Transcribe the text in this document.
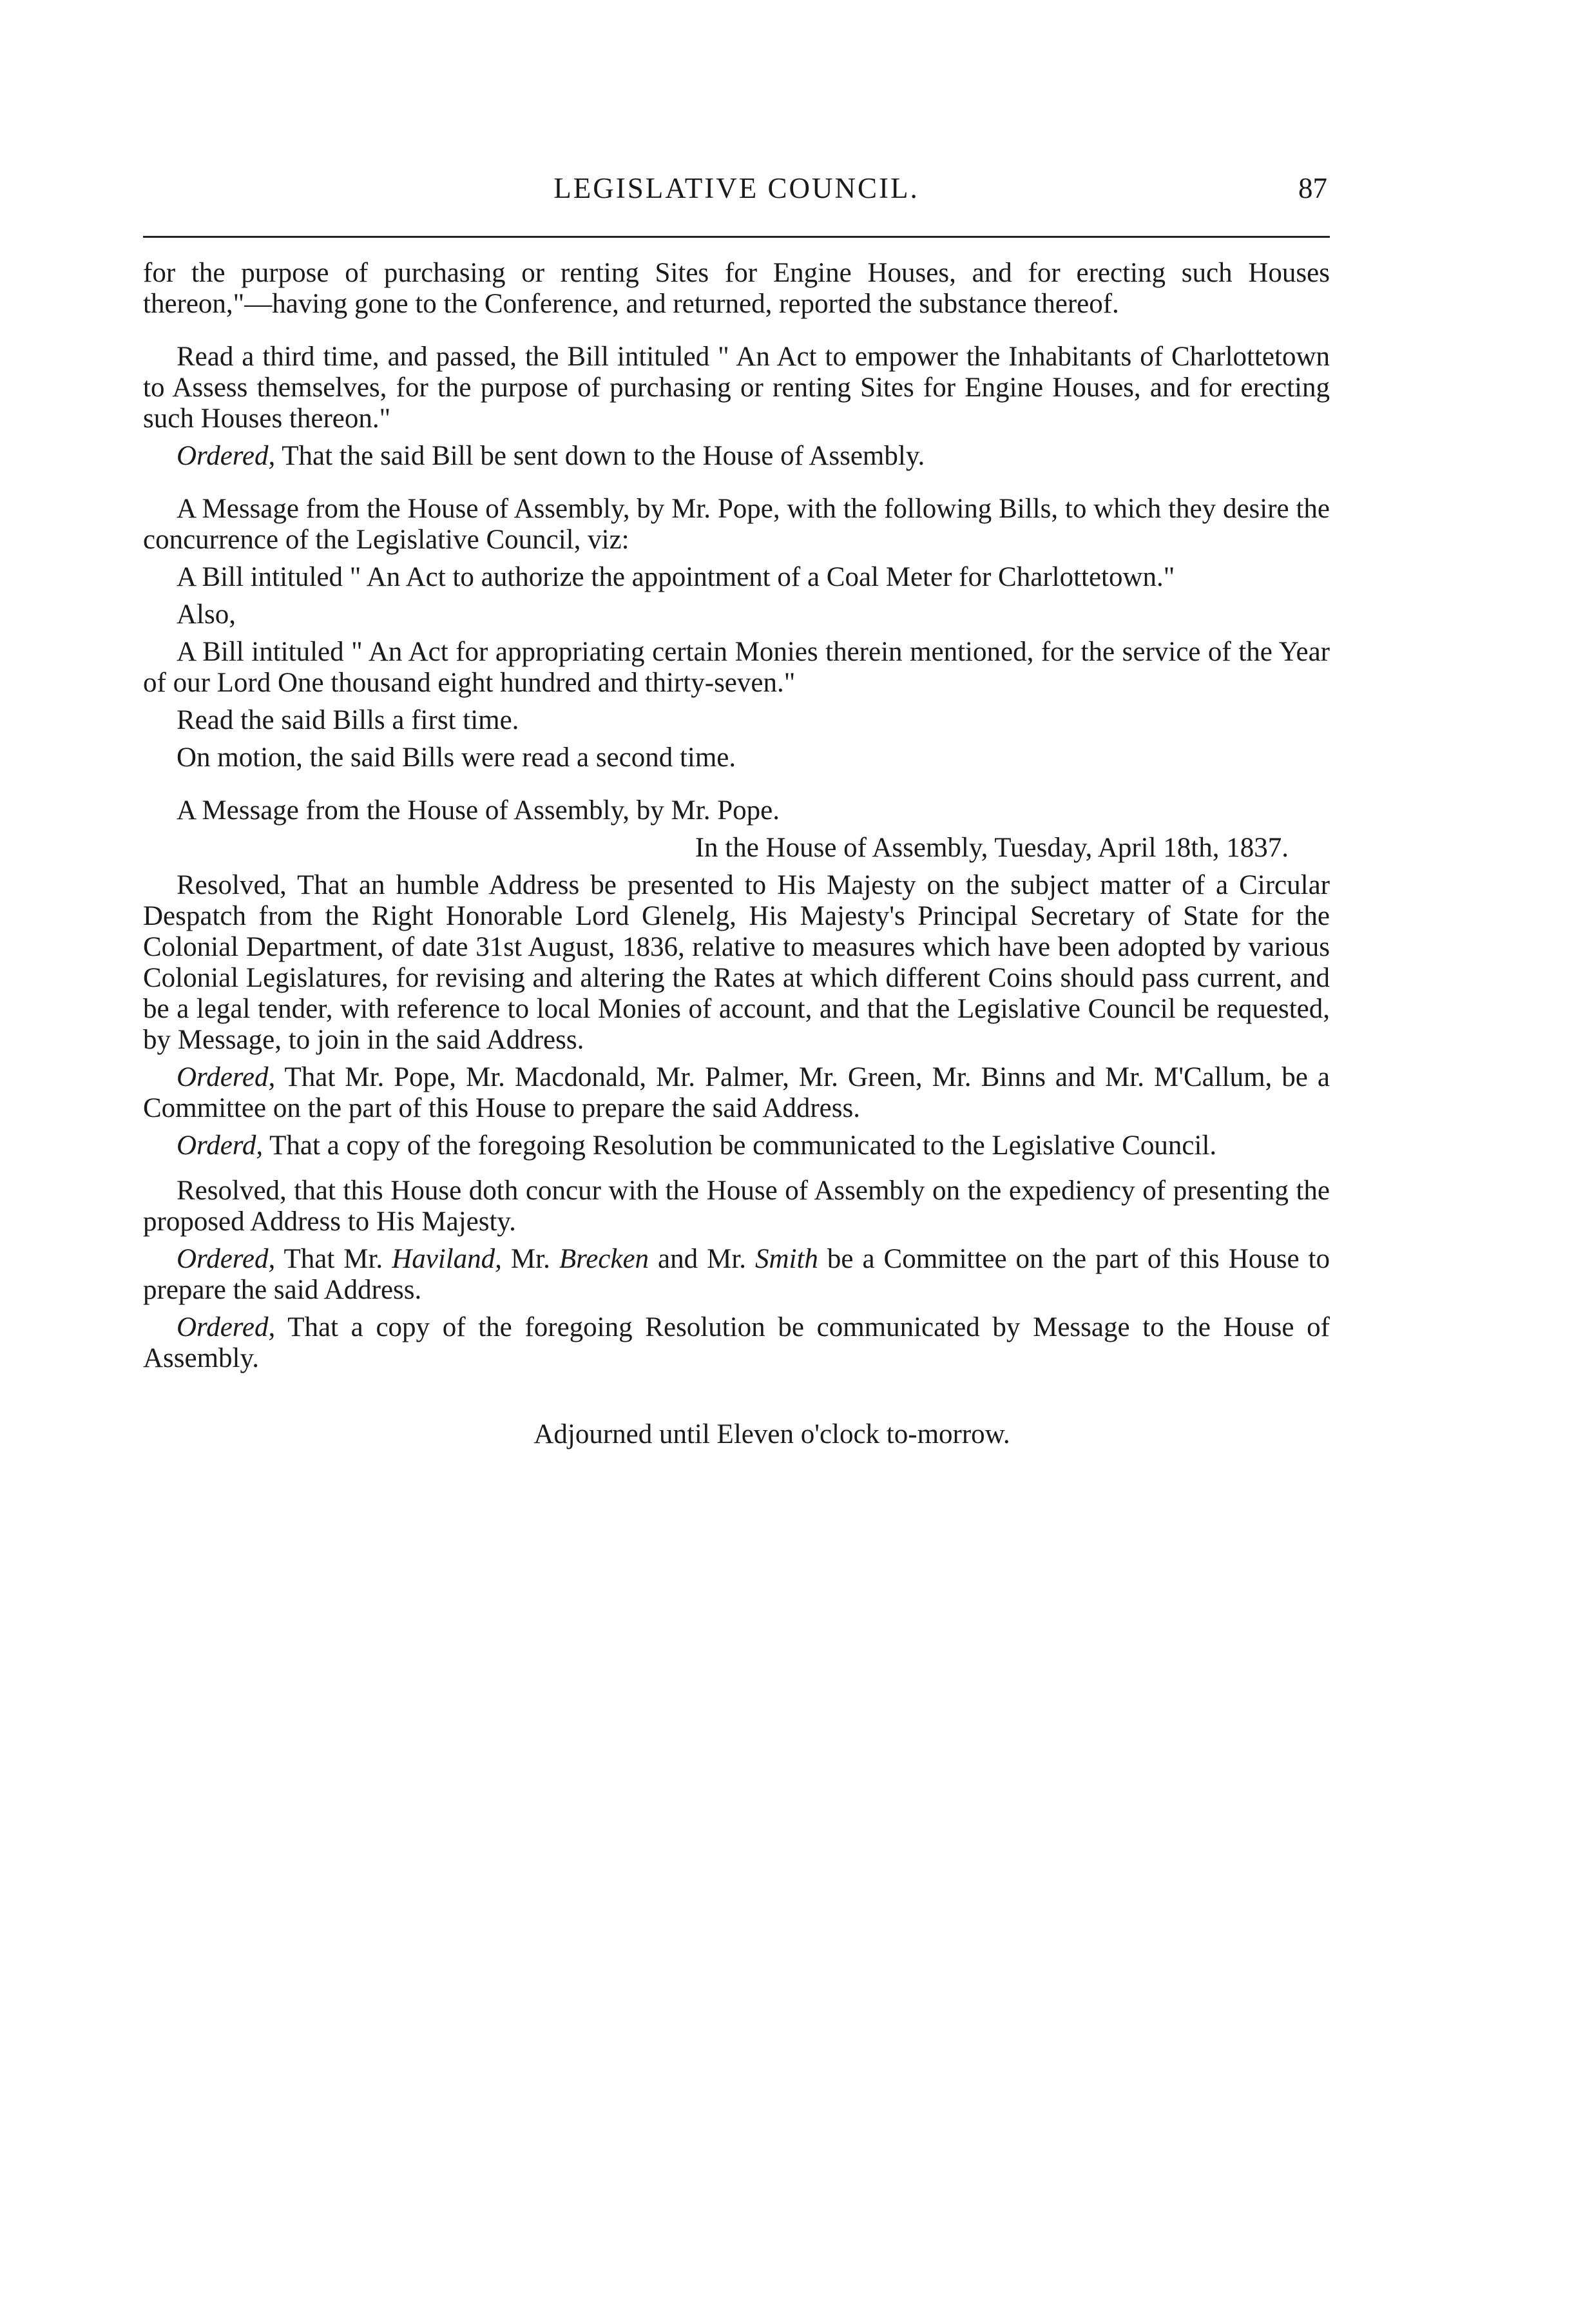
LEGISLATIVE COUNCIL.	87

for the purpose of purchasing or renting Sites for Engine Houses, and for erecting such Houses thereon,"—having gone to the Conference, and returned, reported the substance thereof.

Read a third time, and passed, the Bill intituled " An Act to empower the Inhabitants of Charlottetown to Assess themselves, for the purpose of purchasing or renting Sites for Engine Houses, and for erecting such Houses thereon."

Ordered, That the said Bill be sent down to the House of Assembly.

A Message from the House of Assembly, by Mr. Pope, with the following Bills, to which they desire the concurrence of the Legislative Council, viz:

A Bill intituled " An Act to authorize the appointment of a Coal Meter for Charlottetown."

Also,

A Bill intituled " An Act for appropriating certain Monies therein mentioned, for the service of the Year of our Lord One thousand eight hundred and thirty-seven."

Read the said Bills a first time.

On motion, the said Bills were read a second time.

A Message from the House of Assembly, by Mr. Pope.

In the House of Assembly, Tuesday, April 18th, 1837.

Resolved, That an humble Address be presented to His Majesty on the subject matter of a Circular Despatch from the Right Honorable Lord Glenelg, His Majesty's Principal Secretary of State for the Colonial Department, of date 31st August, 1836, relative to measures which have been adopted by various Colonial Legislatures, for revising and altering the Rates at which different Coins should pass current, and be a legal tender, with reference to local Monies of account, and that the Legislative Council be requested, by Message, to join in the said Address.

Ordered, That Mr. Pope, Mr. Macdonald, Mr. Palmer, Mr. Green, Mr. Binns and Mr. M'Callum, be a Committee on the part of this House to prepare the said Address.

Orderd, That a copy of the foregoing Resolution be communicated to the Legislative Council.

Resolved, that this House doth concur with the House of Assembly on the expediency of presenting the proposed Address to His Majesty.

Ordered, That Mr. Haviland, Mr. Brecken and Mr. Smith be a Committee on the part of this House to prepare the said Address.

Ordered, That a copy of the foregoing Resolution be communicated by Message to the House of Assembly.

Adjourned until Eleven o'clock to-morrow.
